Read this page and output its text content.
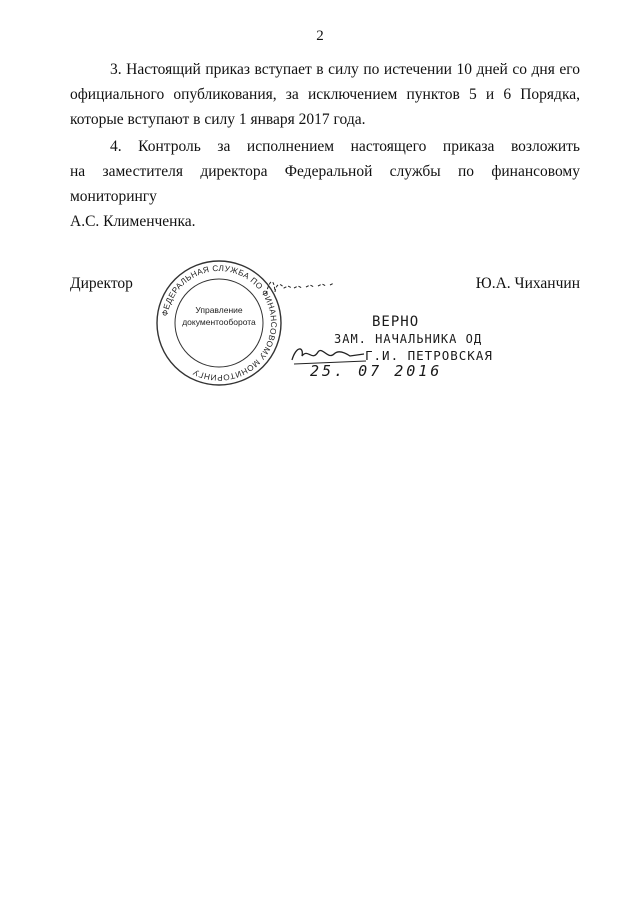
2
3. Настоящий приказ вступает в силу по истечении 10 дней со дня его
официального опубликования, за исключением пунктов 5 и 6 Порядка,
которые вступают в силу 1 января 2017 года.
4. Контроль за исполнением настоящего приказа возложить
на заместителя директора Федеральной службы по финансовому мониторингу
А.С. Клименченка.
Директор	Ю.А. Чиханчин
ФЕДЕРАЛЬНАЯ СЛУЖБА ПО ФИНАНСОВОМУ МОНИТОРИНГУ
Управление
документооборота	ВЕРНО
ЗАМ. НАЧАЛЬНИКА ОД
Г.И. ПЕТРОВСКАЯ
25. 07 2016
